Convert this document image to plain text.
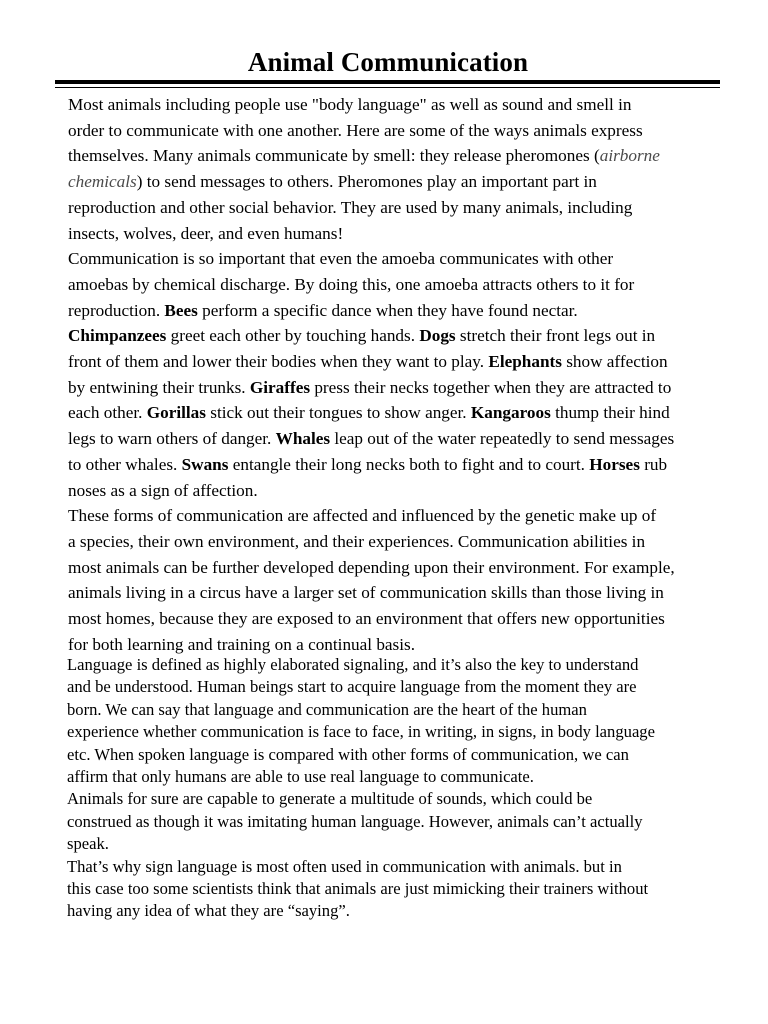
Animal Communication

Most animals including people use "body language" as well as sound and smell in
order to communicate with one another. Here are some of the ways animals express
themselves. Many animals communicate by smell: they release pheromones (airborne
chemicals) to send messages to others. Pheromones play an important part in
reproduction and other social behavior. They are used by many animals, including
insects, wolves, deer, and even humans!

Communication is so important that even the amoeba communicates with other
amoebas by chemical discharge. By doing this, one amoeba attracts others to it for
reproduction. Bees perform a specific dance when they have found nectar.
Chimpanzees greet each other by touching hands. Dogs stretch their front legs out in
front of them and lower their bodies when they want to play. Elephants show affection
by entwining their trunks. Giraffes press their necks together when they are attracted to
each other. Gorillas stick out their tongues to show anger. Kangaroos thump their hind
legs to warn others of danger. Whales leap out of the water repeatedly to send messages
to other whales. Swans entangle their long necks both to fight and to court. Horses rub
noses as a sign of affection.

These forms of communication are affected and influenced by the genetic make up of
a species, their own environment, and their experiences. Communication abilities in
most animals can be further developed depending upon their environment. For example,
animals living in a circus have a larger set of communication skills than those living in
most homes, because they are exposed to an environment that offers new opportunities
for both learning and training on a continual basis.

Language is defined as highly elaborated signaling, and it’s also the key to understand
and be understood. Human beings start to acquire language from the moment they are
born. We can say that language and communication are the heart of the human
experience whether communication is face to face, in writing, in signs, in body language
etc. When spoken language is compared with other forms of communication, we can
affirm that only humans are able to use real language to communicate.

Animals for sure are capable to generate a multitude of sounds, which could be
construed as though it was imitating human language. However, animals can’t actually
speak.

That’s why sign language is most often used in communication with animals. but in
this case too some scientists think that animals are just mimicking their trainers without
having any idea of what they are “saying”.
